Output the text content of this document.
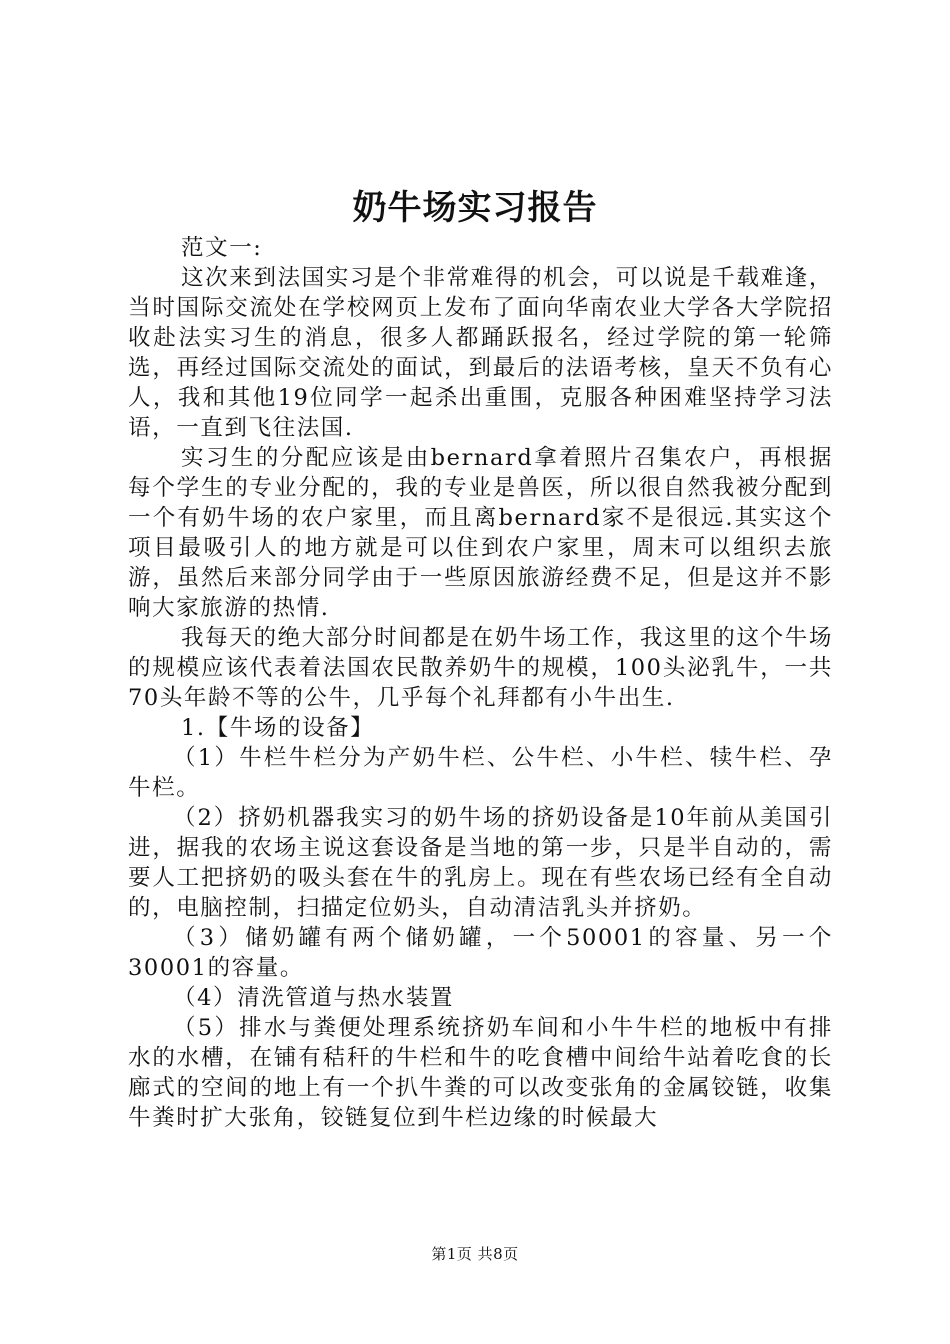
奶牛场实习报告

范文一:

这次来到法国实习是个非常难得的机会，可以说是千载难逢，当时国际交流处在学校网页上发布了面向华南农业大学各大学院招收赴法实习生的消息，很多人都踊跃报名，经过学院的第一轮筛选，再经过国际交流处的面试，到最后的法语考核，皇天不负有心人，我和其他19位同学一起杀出重围，克服各种困难坚持学习法语，一直到飞往法国.

实习生的分配应该是由bernard拿着照片召集农户，再根据每个学生的专业分配的，我的专业是兽医，所以很自然我被分配到一个有奶牛场的农户家里，而且离bernard家不是很远.其实这个项目最吸引人的地方就是可以住到农户家里，周末可以组织去旅游，虽然后来部分同学由于一些原因旅游经费不足，但是这并不影响大家旅游的热情.

我每天的绝大部分时间都是在奶牛场工作，我这里的这个牛场的规模应该代表着法国农民散养奶牛的规模，100头泌乳牛，一共70头年龄不等的公牛，几乎每个礼拜都有小牛出生.

1.【牛场的设备】

（1）牛栏牛栏分为产奶牛栏、公牛栏、小牛栏、犊牛栏、孕牛栏。

（2）挤奶机器我实习的奶牛场的挤奶设备是10年前从美国引进，据我的农场主说这套设备是当地的第一步，只是半自动的，需要人工把挤奶的吸头套在牛的乳房上。现在有些农场已经有全自动的，电脑控制，扫描定位奶头，自动清洁乳头并挤奶。

（3）储奶罐有两个储奶罐，一个50001的容量、另一个30001的容量。

（4）清洗管道与热水装置

（5）排水与粪便处理系统挤奶车间和小牛牛栏的地板中有排水的水槽，在铺有秸秆的牛栏和牛的吃食槽中间给牛站着吃食的长廊式的空间的地上有一个扒牛粪的可以改变张角的金属铰链，收集牛粪时扩大张角，铰链复位到牛栏边缘的时候最大

第1页 共8页
